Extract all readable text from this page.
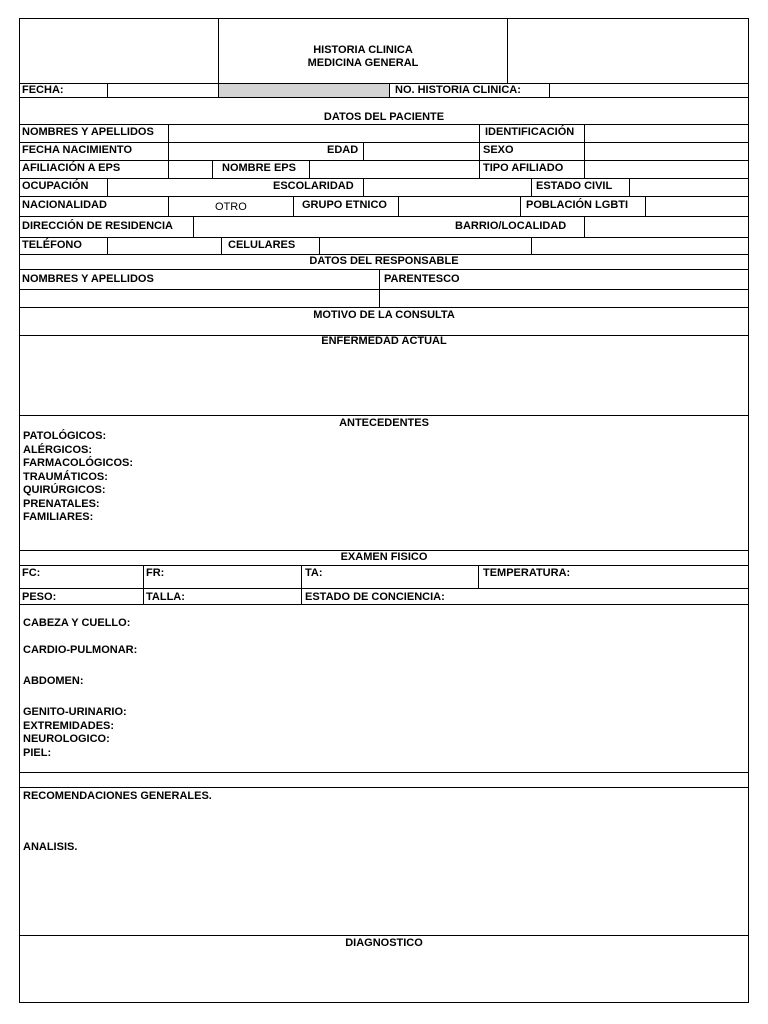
HISTORIA CLINICA
MEDICINA GENERAL
FECHA:	NO. HISTORIA CLINICA:
DATOS DEL PACIENTE
NOMBRES Y APELLIDOS	IDENTIFICACIÓN
FECHA NACIMIENTO	EDAD	SEXO
AFILIACIÓN A EPS	NOMBRE EPS	TIPO AFILIADO
OCUPACIÓN	ESCOLARIDAD	ESTADO CIVIL
NACIONALIDAD	OTRO	GRUPO ETNICO	POBLACIÓN LGBTI
DIRECCIÓN DE RESIDENCIA	BARRIO/LOCALIDAD
TELÉFONO	CELULARES
DATOS DEL RESPONSABLE
NOMBRES Y APELLIDOS	PARENTESCO
MOTIVO DE LA CONSULTA
ENFERMEDAD ACTUAL
ANTECEDENTES
PATOLÓGICOS:
ALÉRGICOS:
FARMACOLÓGICOS:
TRAUMÁTICOS:
QUIRÚRGICOS:
PRENATALES:
FAMILIARES:
EXAMEN FISICO
FC:	FR:	TA:	TEMPERATURA:
PESO:	TALLA:	ESTADO DE CONCIENCIA:
CABEZA Y CUELLO:
CARDIO-PULMONAR:
ABDOMEN:
GENITO-URINARIO:
EXTREMIDADES:
NEUROLOGICO:
PIEL:
RECOMENDACIONES GENERALES.
ANALISIS.
DIAGNOSTICO
